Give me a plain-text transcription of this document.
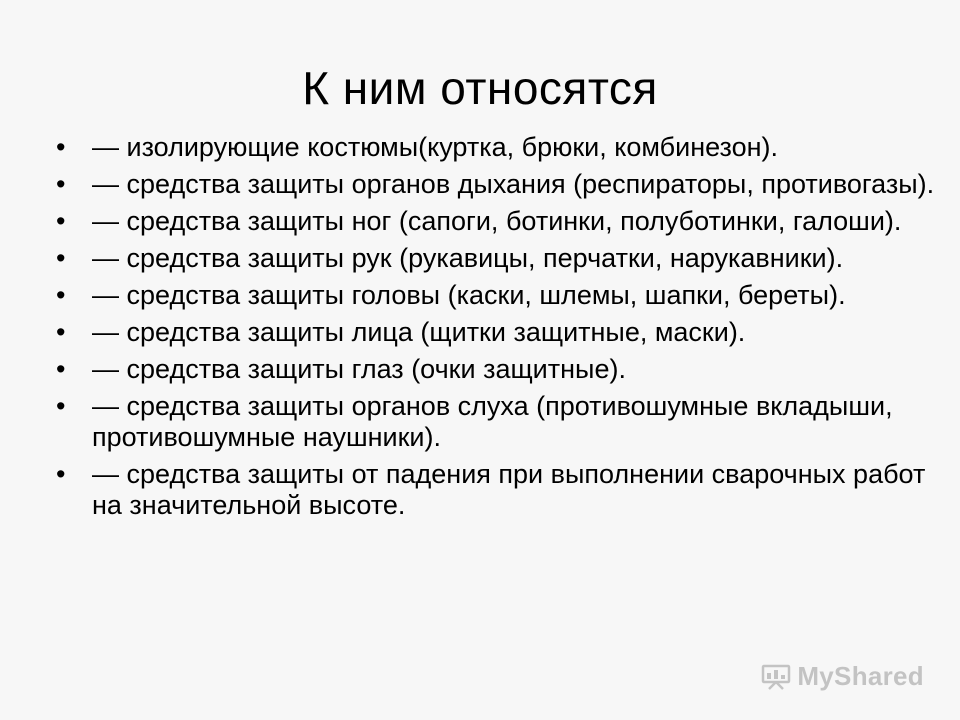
К ним относятся
• — изолирующие костюмы(куртка, брюки, комбинезон).
• — средства защиты органов дыхания (респираторы, противогазы).
• — средства защиты ног (сапоги, ботинки, полуботинки, галоши).
• — средства защиты рук (рукавицы, перчатки, нарукавники).
• — средства защиты головы (каски, шлемы, шапки, береты).
• — средства защиты лица (щитки защитные, маски).
• — средства защиты глаз (очки защитные).
• — средства защиты органов слуха (противошумные вкладыши, противошумные наушники).
• — средства защиты от падения при выполнении сварочных работ на значительной высоте.
MyShared
